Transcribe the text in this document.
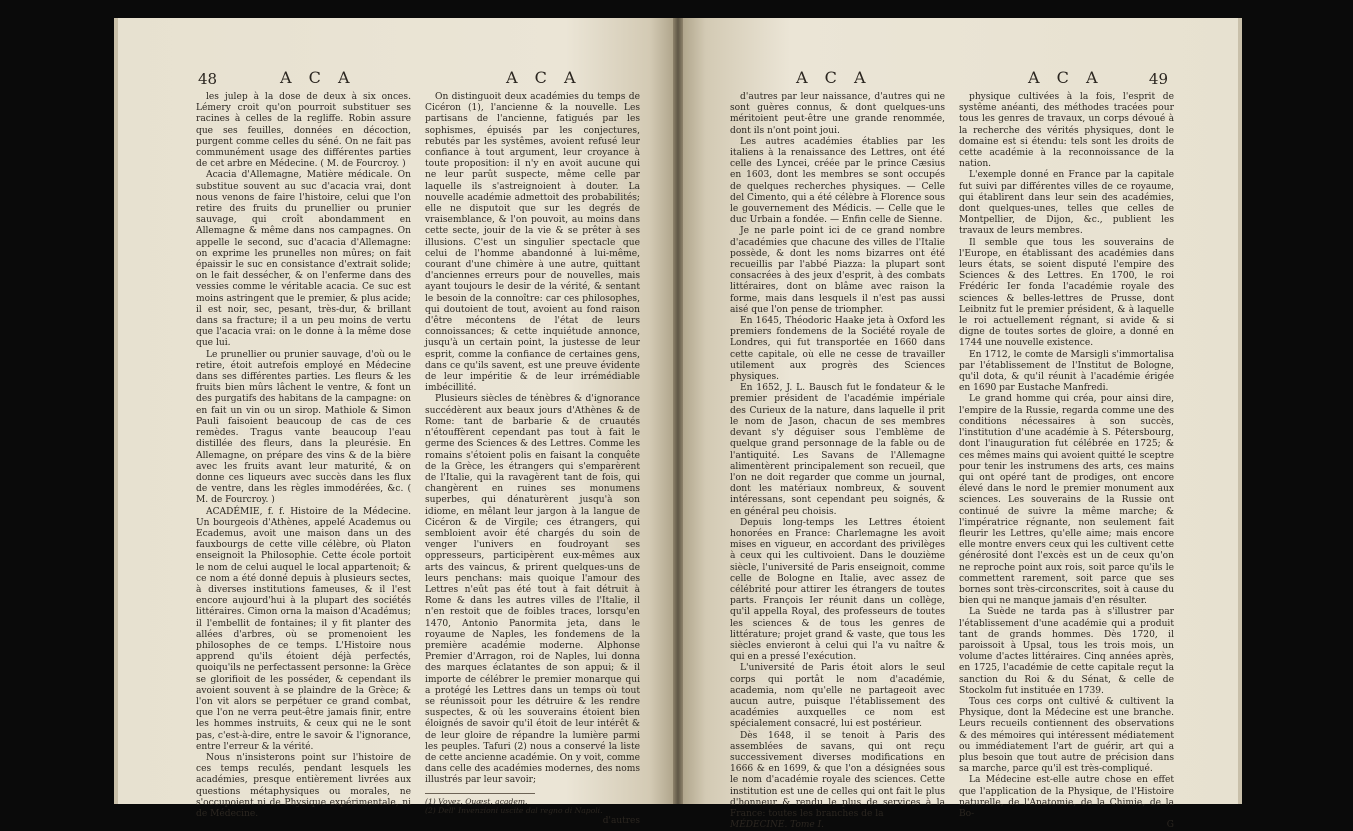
48	A C A	A C A

les julep à la dose de deux à six onces. Lémery croit qu'on pourroit substituer ses racines à celles de la regliffe. Robin assure que ses feuilles, données en décoction, purgent comme celles du séné. On ne fait pas communément usage des différentes parties de cet arbre en Médecine. ( M. de Fourcroy. )

Acacia d'Allemagne, Matière médicale. On substitue souvent au suc d'acacia vrai, dont nous venons de faire l'histoire, celui que l'on retire des fruits du prunellier ou prunier sauvage, qui croît abondamment en Allemagne & même dans nos campagnes. On appelle le second, suc d'acacia d'Allemagne: on exprime les prunelles non mûres; on fait épaissir le suc en consistance d'extrait solide; on le fait dessécher, & on l'enferme dans des vessies comme le véritable acacia. Ce suc est moins astringent que le premier, & plus acide; il est noir, sec, pesant, très-dur, & brillant dans sa fracture; il a un peu moins de vertu que l'acacia vrai: on le donne à la même dose que lui.

Le prunellier ou prunier sauvage, d'où ou le retire, étoit autrefois employé en Médecine dans ses différentes parties. Les fleurs & les fruits bien mûrs lâchent le ventre, & font un des purgatifs des habitans de la campagne: on en fait un vin ou un sirop. Mathiole & Simon Pauli faisoient beaucoup de cas de ces remèdes. Tragus vante beaucoup l'eau distillée des fleurs, dans la pleurésie. En Allemagne, on prépare des vins & de la bière avec les fruits avant leur maturité, & on donne ces liqueurs avec succès dans les flux de ventre, dans les règles immodérées, &c. ( M. de Fourcroy. )

ACADÉMIE, f. f. Histoire de la Médecine. Un bourgeois d'Athènes, appelé Academus ou Ecademus, avoit une maison dans un des fauxbourgs de cette ville célèbre, où Platon enseignoit la Philosophie. Cette école portoit le nom de celui auquel le local appartenoit; & ce nom a été donné depuis à plusieurs sectes, à diverses institutions fameuses, & il l'est encore aujourd'hui à la plupart des sociétés littéraires. Cimon orna la maison d'Académus; il l'embellit de fontaines; il y fit planter des allées d'arbres, où se promenoient les philosophes de ce temps. L'Histoire nous apprend qu'ils étoient déjà perfectés, quoiqu'ils ne perfectassent personne: la Grèce se glorifioit de les posséder, & cependant ils avoient souvent à se plaindre de la Grèce; & l'on vit alors se perpétuer ce grand combat, que l'on ne verra peut-être jamais finir, entre les hommes instruits, & ceux qui ne le sont pas, c'est-à-dire, entre le savoir & l'ignorance, entre l'erreur & la vérité.

Nous n'insisterons point sur l'histoire de ces temps reculés, pendant lesquels les académies, presque entièrement livrées aux questions métaphysiques ou morales, ne s'occupoient ni de Physique expérimentale, ni de Médecine.

On distinguoit deux académies du temps de Cicéron (1), l'ancienne & la nouvelle. Les partisans de l'ancienne, fatigués par les sophismes, épuisés par les conjectures, rebutés par les systêmes, avoient refusé leur confiance à tout argument, leur croyance à toute proposition: il n'y en avoit aucune qui ne leur parût suspecte, même celle par laquelle ils s'astreignoient à douter. La nouvelle académie admettoit des probabilités; elle ne disputoit que sur les degrés de vraisemblance, & l'on pouvoit, au moins dans cette secte, jouir de la vie & se prêter à ses illusions. C'est un singulier spectacle que celui de l'homme abandonné à lui-même, courant d'une chimère à une autre, quittant d'anciennes erreurs pour de nouvelles, mais ayant toujours le desir de la vérité, & sentant le besoin de la connoître: car ces philosophes, qui doutoient de tout, avoient au fond raison d'être mécontens de l'état de leurs connoissances; & cette inquiétude annonce, jusqu'à un certain point, la justesse de leur esprit, comme la confiance de certaines gens, dans ce qu'ils savent, est une preuve évidente de leur impéritie & de leur irrémédiable imbécillité.

Plusieurs siècles de ténèbres & d'ignorance succédèrent aux beaux jours d'Athènes & de Rome: tant de barbarie & de cruautés n'étouffèrent cependant pas tout à fait le germe des Sciences & des Lettres. Comme les romains s'étoient polis en faisant la conquête de la Grèce, les étrangers qui s'emparèrent de l'Italie, qui la ravagèrent tant de fois, qui changèrent en ruines ses monumens superbes, qui dénaturèrent jusqu'à son idiome, en mêlant leur jargon à la langue de Cicéron & de Virgile; ces étrangers, qui sembloient avoir été chargés du soin de venger l'univers en foudroyant ses oppresseurs, participèrent eux-mêmes aux arts des vaincus, & prirent quelques-uns de leurs penchans: mais quoique l'amour des Lettres n'eût pas été tout à fait détruit à Rome & dans les autres villes de l'Italie, il n'en restoit que de foibles traces, lorsqu'en 1470, Antonio Panormita jeta, dans le royaume de Naples, les fondemens de la première académie moderne. Alphonse Premier d'Arragon, roi de Naples, lui donna des marques éclatantes de son appui; & il importe de célébrer le premier monarque qui a protégé les Lettres dans un temps où tout se réunissoit pour les détruire & les rendre suspectes, & où les souverains étoient bien éloignés de savoir qu'il étoit de leur intérêt & de leur gloire de répandre la lumière parmi les peuples. Tafuri (2) nous a conservé la liste de cette ancienne académie. On y voit, comme dans celle des académies modernes, des noms illustrés par leur savoir;

(1) Voyez. Quæst. academ.

(2) Dell' Invenzioni uscite dal regno di Napoli.

d'autres

A C A	A C A	49

d'autres par leur naissance, d'autres qui ne sont guères connus, & dont quelques-uns méritoient peut-être une grande renommée, dont ils n'ont point joui.

Les autres académies établies par les italiens à la renaissance des Lettres, ont été celle des Lyncei, créée par le prince Cæsius en 1603, dont les membres se sont occupés de quelques recherches physiques. — Celle del Cimento, qui a été célèbre à Florence sous le gouvernement des Médicis. — Celle que le duc Urbain a fondée. — Enfin celle de Sienne.

Je ne parle point ici de ce grand nombre d'académies que chacune des villes de l'Italie possède, & dont les noms bizarres ont été recueillis par l'abbé Piazza: la plupart sont consacrées à des jeux d'esprit, à des combats littéraires, dont on blâme avec raison la forme, mais dans lesquels il n'est pas aussi aisé que l'on pense de triompher.

En 1645, Théodoric Haake jeta à Oxford les premiers fondemens de la Société royale de Londres, qui fut transportée en 1660 dans cette capitale, où elle ne cesse de travailler utilement aux progrès des Sciences physiques.

En 1652, J. L. Bausch fut le fondateur & le premier président de l'académie impériale des Curieux de la nature, dans laquelle il prit le nom de Jason, chacun de ses membres devant s'y déguiser sous l'emblème de quelque grand personnage de la fable ou de l'antiquité. Les Savans de l'Allemagne alimentèrent principalement son recueil, que l'on ne doit regarder que comme un journal, dont les matériaux nombreux, & souvent intéressans, sont cependant peu soignés, & en général peu choisis.

Depuis long-temps les Lettres étoient honorées en France: Charlemagne les avoit mises en vigueur, en accordant des privilèges à ceux qui les cultivoient. Dans le douzième siècle, l'université de Paris enseignoit, comme celle de Bologne en Italie, avec assez de célébrité pour attirer les étrangers de toutes parts. François Ier réunit dans un collège, qu'il appella Royal, des professeurs de toutes les sciences & de tous les genres de littérature; projet grand & vaste, que tous les siècles envieront à celui qui l'a vu naître & qui en a pressé l'exécution.

L'université de Paris étoit alors le seul corps qui portât le nom d'académie, academia, nom qu'elle ne partageoit avec aucun autre, puisque l'établissement des académies auxquelles ce nom est spécialement consacré, lui est postérieur.

Dès 1648, il se tenoit à Paris des assemblées de savans, qui ont reçu successivement diverses modifications en 1666 & en 1699, & que l'on a désignées sous le nom d'académie royale des sciences. Cette institution est une de celles qui ont fait le plus d'honneur & rendu le plus de services à la France: toutes les branches de la

MÉDECINE. Tome I.

physique cultivées à la fois, l'esprit de systême anéanti, des méthodes tracées pour tous les genres de travaux, un corps dévoué à la recherche des vérités physiques, dont le domaine est si étendu: tels sont les droits de cette académie à la reconnoissance de la nation.

L'exemple donné en France par la capitale fut suivi par différentes villes de ce royaume, qui établirent dans leur sein des académies, dont quelques-unes, telles que celles de Montpellier, de Dijon, &c., publient les travaux de leurs membres.

Il semble que tous les souverains de l'Europe, en établissant des académies dans leurs états, se soient disputé l'empire des Sciences & des Lettres. En 1700, le roi Frédéric Ier fonda l'académie royale des sciences & belles-lettres de Prusse, dont Leibnitz fut le premier président, & à laquelle le roi actuellement régnant, si avide & si digne de toutes sortes de gloire, a donné en 1744 une nouvelle existence.

En 1712, le comte de Marsigli s'immortalisa par l'établissement de l'Institut de Bologne, qu'il dota, & qu'il réunit à l'académie érigée en 1690 par Eustache Manfredi.

Le grand homme qui créa, pour ainsi dire, l'empire de la Russie, regarda comme une des conditions nécessaires à son succès, l'institution d'une académie à S. Pétersbourg, dont l'inauguration fut célébrée en 1725; & ces mêmes mains qui avoient quitté le sceptre pour tenir les instrumens des arts, ces mains qui ont opéré tant de prodiges, ont encore élevé dans le nord le premier monument aux sciences. Les souverains de la Russie ont continué de suivre la même marche; & l'impératrice régnante, non seulement fait fleurir les Lettres, qu'elle aime; mais encore elle montre envers ceux qui les cultivent cette générosité dont l'excès est un de ceux qu'on ne reproche point aux rois, soit parce qu'ils le commettent rarement, soit parce que ses bornes sont très-circonscrites, soit à cause du bien qui ne manque jamais d'en résulter.

La Suède ne tarda pas à s'illustrer par l'établissement d'une académie qui a produit tant de grands hommes. Dès 1720, il paroissoit à Upsal, tous les trois mois, un volume d'actes littéraires. Cinq années après, en 1725, l'académie de cette capitale reçut la sanction du Roi & du Sénat, & celle de Stockolm fut instituée en 1739.

Tous ces corps ont cultivé & cultivent la Physique, dont la Médecine est une branche. Leurs recueils contiennent des observations & des mémoires qui intéressent médiatement ou immédiatement l'art de guérir, art qui a plus besoin que tout autre de précision dans sa marche, parce qu'il est très-compliqué.

La Médecine est-elle autre chose en effet que l'application de la Physique, de l'Histoire naturelle, de l'Anatomie, de la Chimie, de la Bo-

G
